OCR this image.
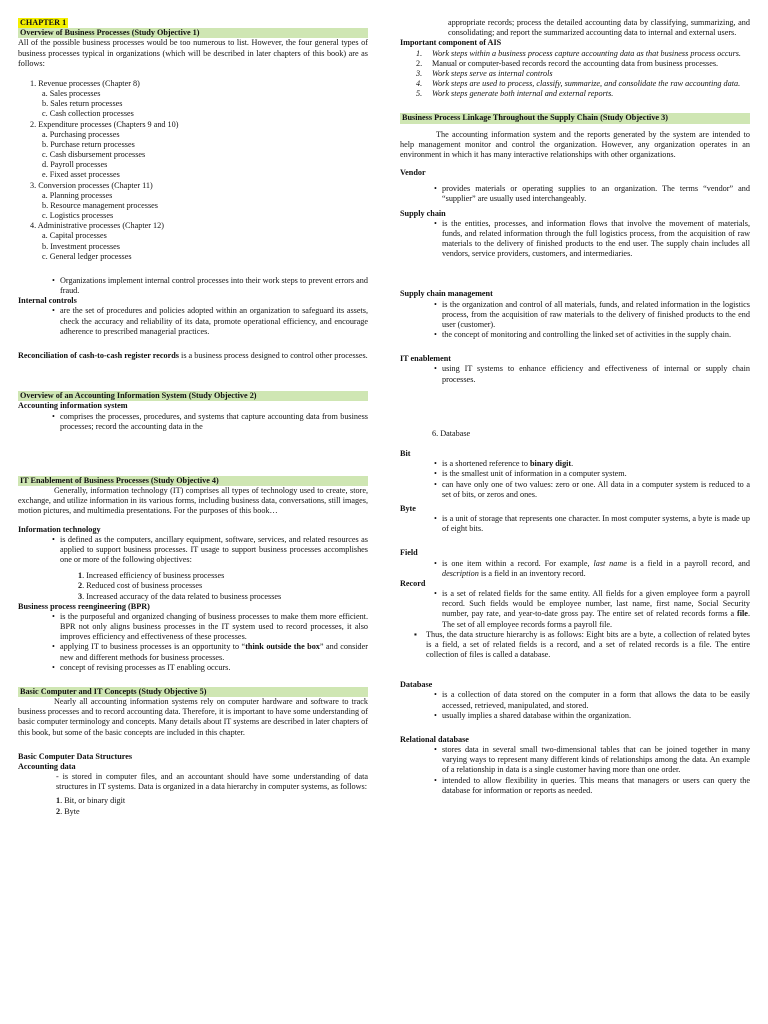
CHAPTER 1
Overview of Business Processes (Study Objective 1)

All of the possible business processes would be too numerous to list. However, the four general types of business processes typical in organizations (which will be described in later chapters of this book) are as follows:

1. Revenue processes (Chapter 8)
a. Sales processes
b. Sales return processes
c. Cash collection processes
2. Expenditure processes (Chapters 9 and 10)
a. Purchasing processes
b. Purchase return processes
c. Cash disbursement processes
d. Payroll processes
e. Fixed asset processes
3. Conversion processes (Chapter 11)
a. Planning processes
b. Resource management processes
c. Logistics processes
4. Administrative processes (Chapter 12)
a. Capital processes
b. Investment processes
c. General ledger processes
• Organizations implement internal control processes into their work steps to prevent errors and fraud.
Internal controls
• are the set of procedures and policies adopted within an organization to safeguard its assets, check the accuracy and reliability of its data, promote operational efficiency, and encourage adherence to prescribed managerial practices.

Reconciliation of cash-to-cash register records is a business process designed to control other processes.

Overview of an Accounting Information System (Study Objective 2)
Accounting information system
• comprises the processes, procedures, and systems that capture accounting data from business processes; record the accounting data in the
IT Enablement of Business Processes (Study Objective 4)

Generally, information technology (IT) comprises all types of technology used to create, store, exchange, and utilize information in its various forms, including business data, conversations, still images, motion pictures, and multimedia presentations. For the purposes of this book…

Information technology
• is defined as the computers, ancillary equipment, software, services, and related resources as applied to support business processes. IT usage to support business processes accomplishes one or more of the following objectives:
1. Increased efficiency of business processes
2. Reduced cost of business processes
3. Increased accuracy of the data related to business processes
Business process reengineering (BPR)
• is the purposeful and organized changing of business processes to make them more efficient. BPR not only aligns business processes in the IT system used to record processes, it also improves efficiency and effectiveness of these processes.
• applying IT to business processes is an opportunity to “think outside the box” and consider new and different methods for business processes.
• concept of revising processes as IT enabling occurs.
Basic Computer and IT Concepts (Study Objective 5)

Nearly all accounting information systems rely on computer hardware and software to track business processes and to record accounting data. Therefore, it is important to have some understanding of basic computer terminology and concepts. Many details about IT systems are described in later chapters of this book, but some of the basic concepts are included in this chapter.

Basic Computer Data Structures
Accounting data

- is stored in computer files, and an accountant should have some understanding of data structures in IT systems. Data is organized in a data hierarchy in computer systems, as follows:

1. Bit, or binary digit
2. Byte

appropriate records; process the detailed accounting data by classifying, summarizing, and consolidating; and report the summarized accounting data to internal and external users.

Important component of AIS
1. Work steps within a business process capture accounting data as that business process occurs.
2. Manual or computer-based records record the accounting data from business processes.
3. Work steps serve as internal controls
4. Work steps are used to process, classify, summarize, and consolidate the raw accounting data.
5. Work steps generate both internal and external reports.
Business Process Linkage Throughout the Supply Chain (Study Objective 3)

The accounting information system and the reports generated by the system are intended to help management monitor and control the organization. However, any organization operates in an environment in which it has many interactive relationships with other organizations.

Vendor
• provides materials or operating supplies to an organization. The terms “vendor” and “supplier” are usually used interchangeably.
Supply chain
• is the entities, processes, and information flows that involve the movement of materials, funds, and related information through the full logistics process, from the acquisition of raw materials to the delivery of finished products to the end user. The supply chain includes all vendors, service providers, customers, and intermediaries.
Supply chain management
• is the organization and control of all materials, funds, and related information in the logistics process, from the acquisition of raw materials to the delivery of finished products to the end user (customer).
• the concept of monitoring and controlling the linked set of activities in the supply chain.
IT enablement
• using IT systems to enhance efficiency and effectiveness of internal or supply chain processes.
6. Database
Bit
• is a shortened reference to binary digit.
• is the smallest unit of information in a computer system.
• can have only one of two values: zero or one. All data in a computer system is reduced to a set of bits, or zeros and ones.
Byte
• is a unit of storage that represents one character. In most computer systems, a byte is made up of eight bits.
Field
• is one item within a record. For example, last name is a field in a payroll record, and description is a field in an inventory record.
Record
• is a set of related fields for the same entity. All fields for a given employee form a payroll record. Such fields would be employee number, last name, first name, Social Security number, pay rate, and year-to-date gross pay. The entire set of related records forms a file. The set of all employee records forms a payroll file.
▪ Thus, the data structure hierarchy is as follows: Eight bits are a byte, a collection of related bytes is a field, a set of related fields is a record, and a set of related records is a file. The entire collection of files is called a database.
Database
• is a collection of data stored on the computer in a form that allows the data to be easily accessed, retrieved, manipulated, and stored.
• usually implies a shared database within the organization.
Relational database
• stores data in several small two-dimensional tables that can be joined together in many varying ways to represent many different kinds of relationships among the data. An example of a relationship in data is a single customer having more than one order.
• intended to allow flexibility in queries. This means that managers or users can query the database for information or reports as needed.
